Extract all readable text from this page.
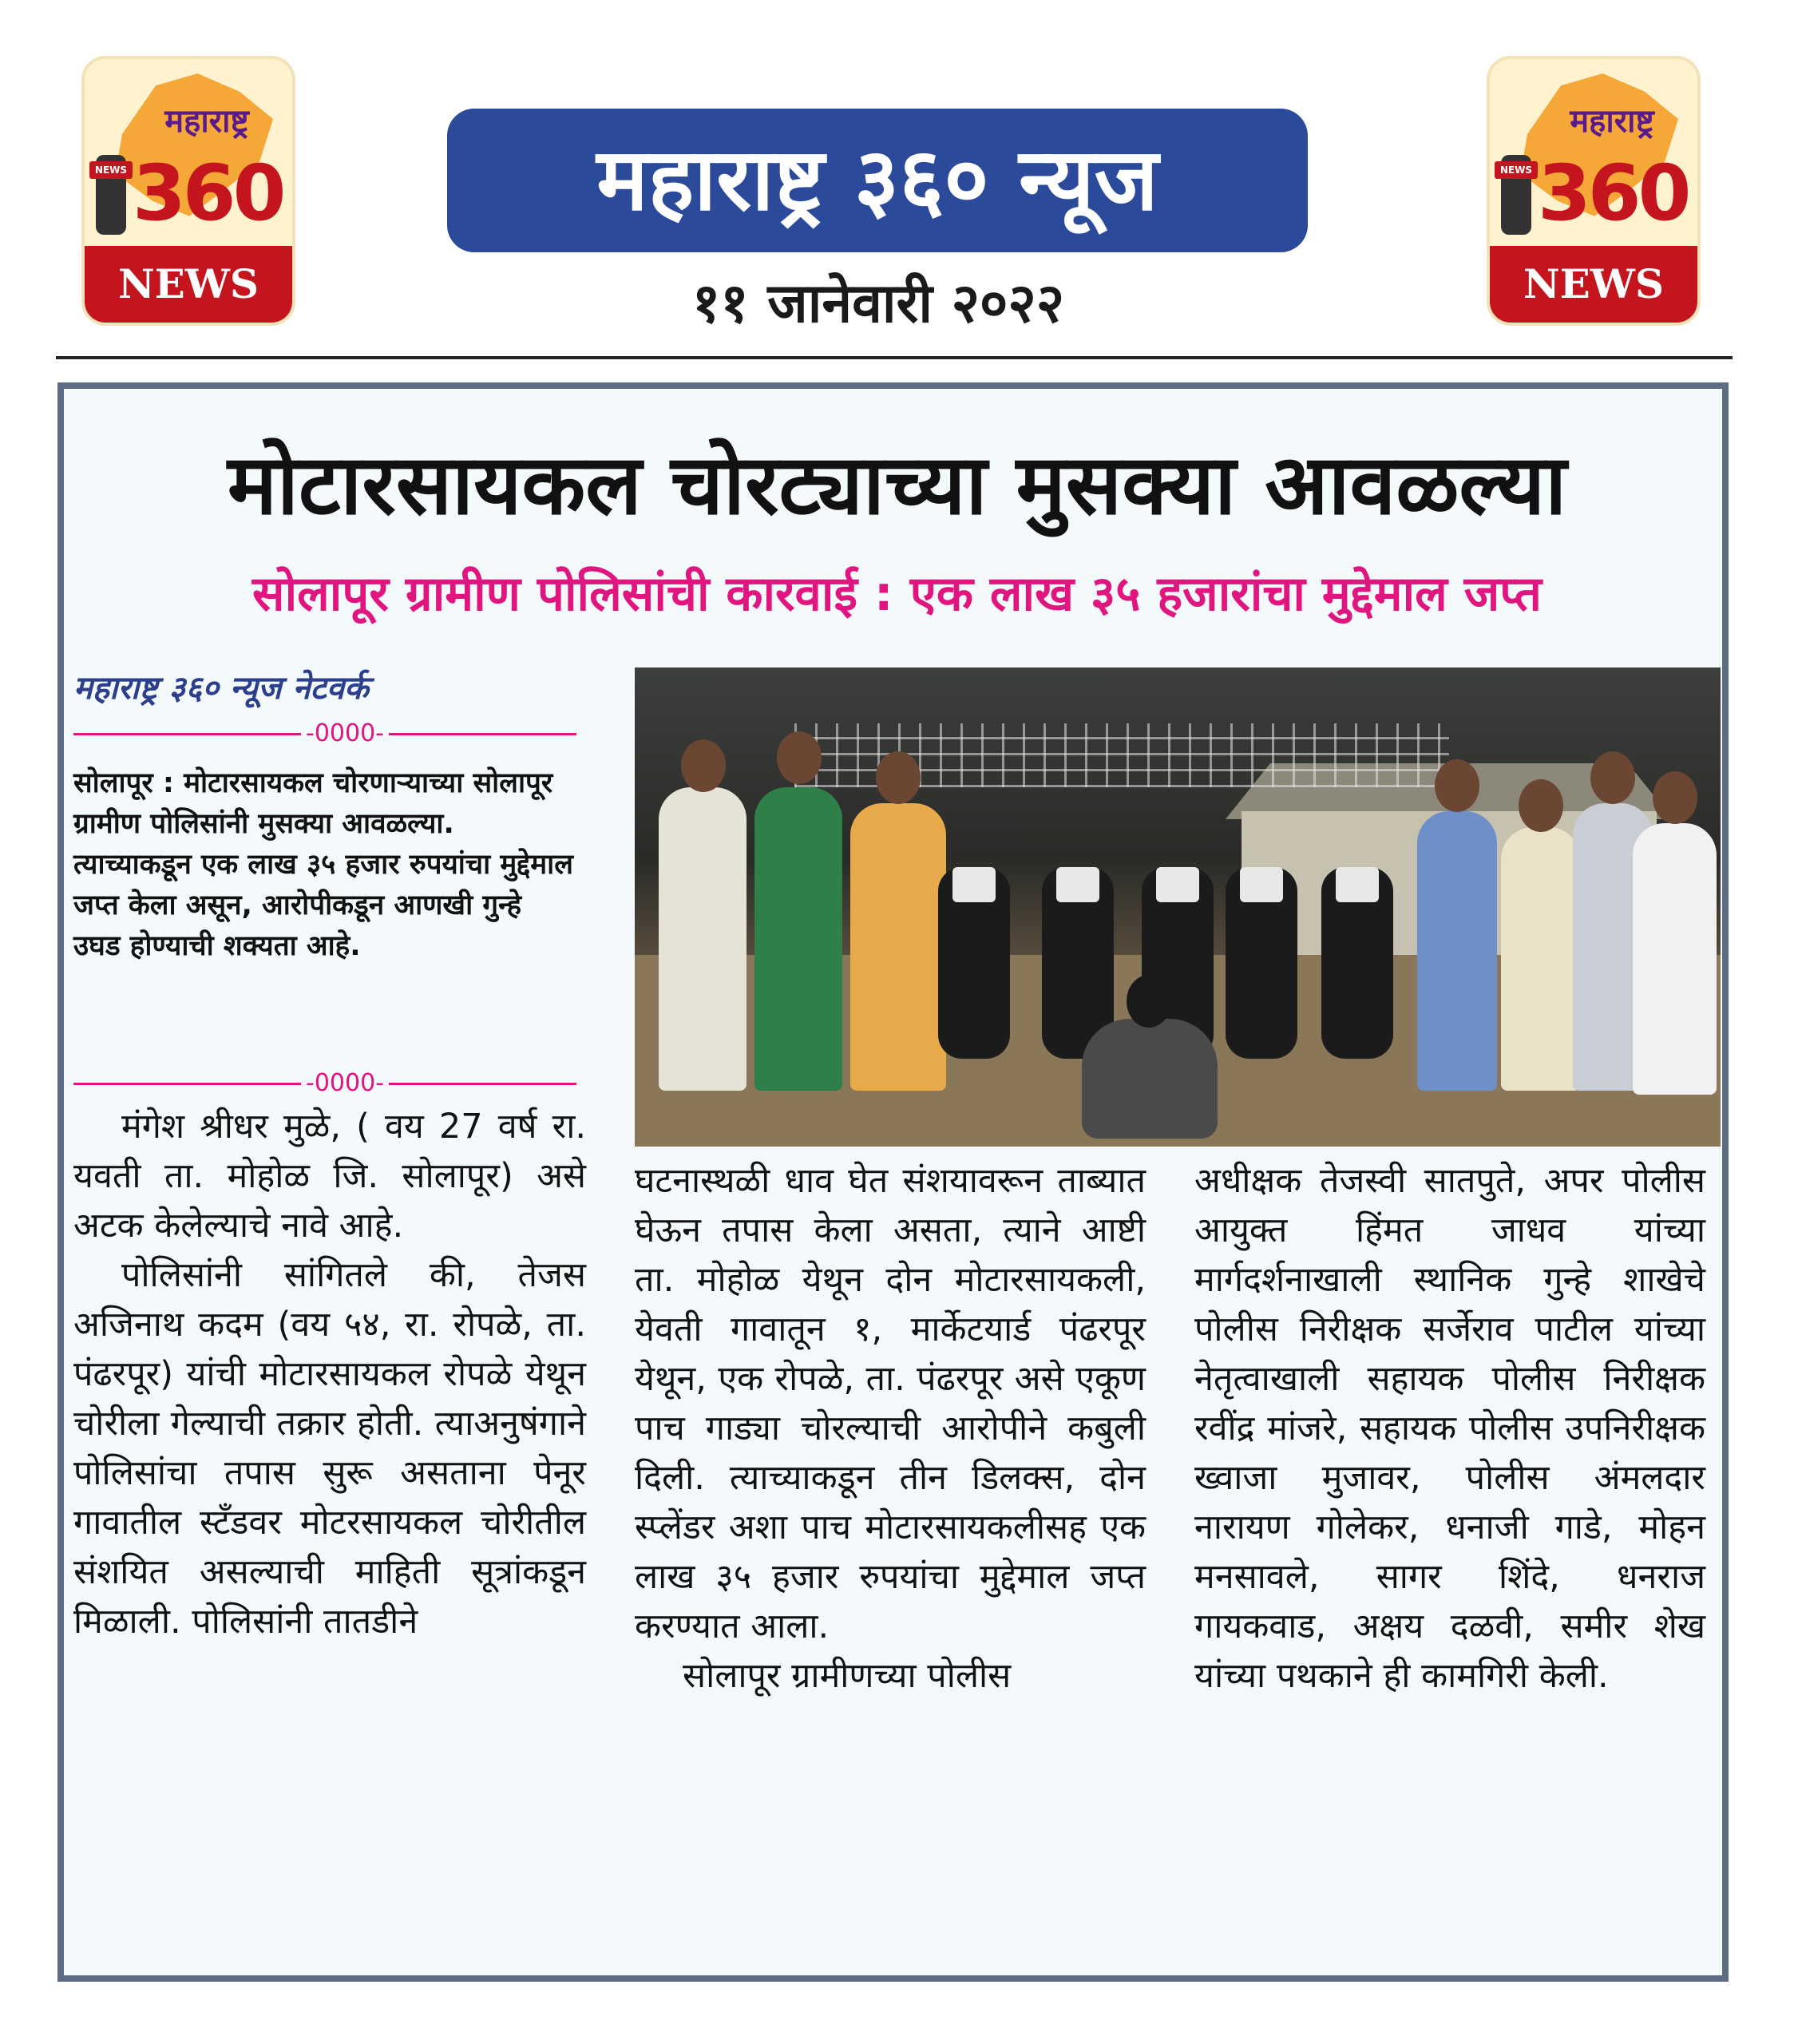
महाराष्ट्र
NEWS 360
NEWS
महाराष्ट्र ३६० न्यूज
११ जानेवारी २०२२
महाराष्ट्र
NEWS 360
NEWS
मोटारसायकल चोरट्याच्या मुसक्या आवळल्या
सोलापूर ग्रामीण पोलिसांची कारवाई : एक लाख ३५ हजारांचा मुद्देमाल जप्त
महाराष्ट्र ३६० न्यूज नेटवर्क
-0000-
सोलापूर : मोटारसायकल चोरणाऱ्याच्या सोलापूर ग्रामीण पोलिसांनी मुसक्या आवळल्या. त्याच्याकडून एक लाख ३५ हजार रुपयांचा मुद्देमाल जप्त केला असून, आरोपीकडून आणखी गुन्हे उघड होण्याची शक्यता आहे.
-0000-

मंगेश श्रीधर मुळे, ( वय 27 वर्ष रा. यवती ता. मोहोळ जि. सोलापूर) असे अटक केलेल्याचे नावे आहे.

पोलिसांनी सांगितले की, तेजस अजिनाथ कदम (वय ५४, रा. रोपळे, ता. पंढरपूर) यांची मोटारसायकल रोपळे येथून चोरीला गेल्याची तक्रार होती. त्याअनुषंगाने पोलिसांचा तपास सुरू असताना पेनूर गावातील स्टँडवर मोटरसायकल चोरीतील संशयित असल्याची माहिती सूत्रांकडून मिळाली. पोलिसांनी तातडीने

घटनास्थळी धाव घेत संशयावरून ताब्यात घेऊन तपास केला असता, त्याने आष्टी ता. मोहोळ येथून दोन मोटारसायकली, येवती गावातून १, मार्केटयार्ड पंढरपूर येथून, एक रोपळे, ता. पंढरपूर असे एकूण पाच गाड्या चोरल्याची आरोपीने कबुली दिली. त्याच्याकडून तीन डिलक्स, दोन स्प्लेंडर अशा पाच मोटारसायकलीसह एक लाख ३५ हजार रुपयांचा मुद्देमाल जप्त करण्यात आला.

सोलापूर ग्रामीणच्या पोलीस

अधीक्षक तेजस्वी सातपुते, अपर पोलीस आयुक्त हिंमत जाधव यांच्या मार्गदर्शनाखाली स्थानिक गुन्हे शाखेचे पोलीस निरीक्षक सर्जेराव पाटील यांच्या नेतृत्वाखाली सहायक पोलीस निरीक्षक रवींद्र मांजरे, सहायक पोलीस उपनिरीक्षक ख्वाजा मुजावर, पोलीस अंमलदार नारायण गोलेकर, धनाजी गाडे, मोहन मनसावले, सागर शिंदे, धनराज गायकवाड, अक्षय दळवी, समीर शेख यांच्या पथकाने ही कामगिरी केली.
